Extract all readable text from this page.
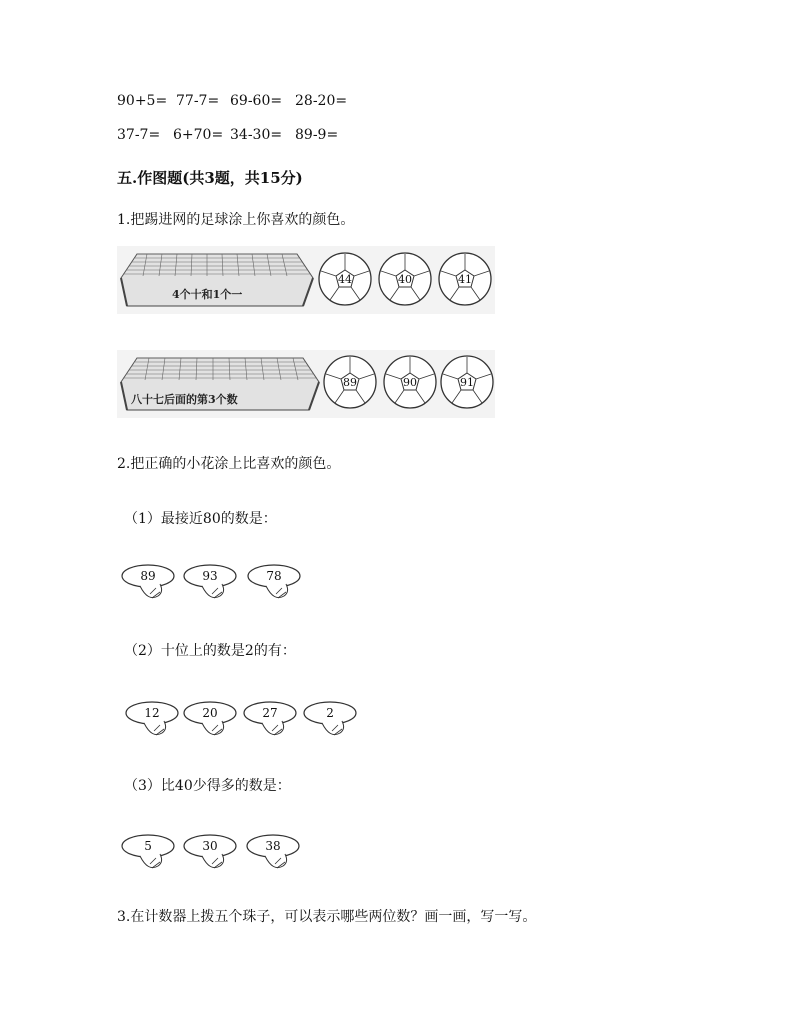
90+5= 77-7= 69-60= 28-20=
37-7= 6+70= 34-30= 89-9=
五.作图题(共3题，共15分)
1.把踢进网的足球涂上你喜欢的颜色。
4个十和1个一
44	40	41
八十七后面的第3个数
89	90	91
2.把正确的小花涂上比喜欢的颜色。
（1）最接近80的数是：
89	93	78
（2）十位上的数是2的有：
12	20	27	2
（3）比40少得多的数是：
5	30	38
3.在计数器上拨五个珠子，可以表示哪些两位数？画一画，写一写。
